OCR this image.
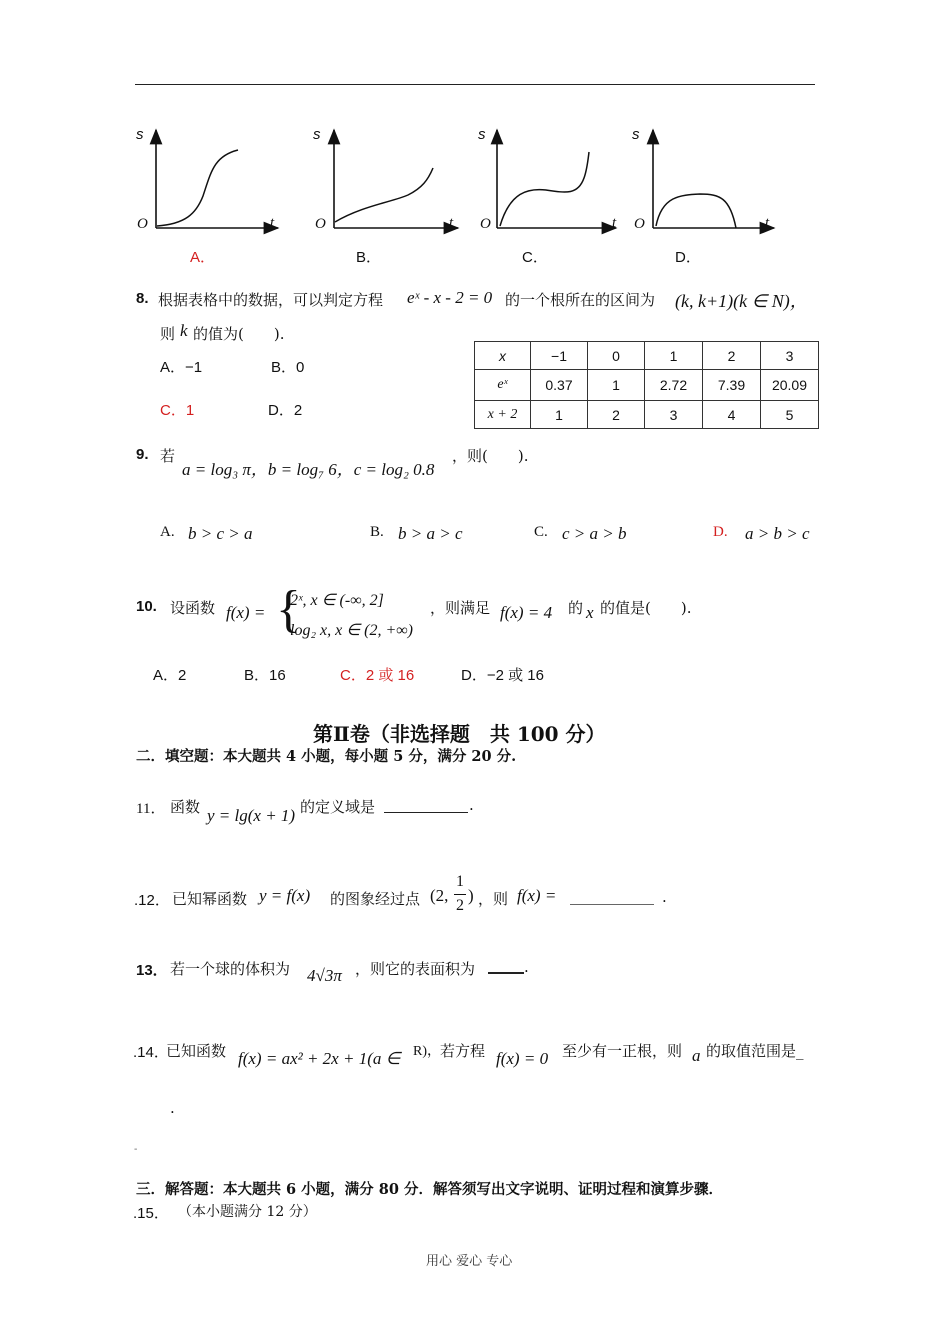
s
O	t
A．
s
O	t
B．
s
O	t
C．
s
O	t
D．
8. 根据表格中的数据，可以判定方程 eˣ - x - 2 = 0 的一个根所在的区间为 (k, k+1)(k ∈ N)，
则 k 的值为(　　).
A．−1	B．0
C．1	D．2
x	−1	0	1	2	3
eˣ	0.37	1	2.72	7.39	20.09
x + 2	1	2	3	4	5
9. 若
a = log₃ π，b = log₇ 6，c = log₂ 0.8
，则(　　).
A. b > c > a	B. b > a > c	C. c > a > b	D. a > b > c
10. 设函数 f(x) = {
2ˣ, x ∈ (-∞, 2]
log₂ x, x ∈ (2, +∞)
，则满足 f(x) = 4 的 x 的值是(　　).
A．2	B．16	C．2 或 16	D．−2 或 16
第Ⅱ卷（非选择题　共 100 分）
二．填空题：本大题共 4 小题，每小题 5 分，满分 20 分.
11． 函数 y = lg(x + 1) 的定义域是	.
.12． 已知幂函数 y = f(x) 的图象经过点 (2,
1
2
) ，则 f(x) =	.
13． 若一个球的体积为 4√3π ，则它的表面积为	.
.14．
已知函数 f(x) = ax² + 2x + 1(a ∈ R)， 若方程 f(x) = 0 至少有一正根，则 a 的取值范围是_
.
-
三．解答题：本大题共 6 小题，满分 80 分．解答须写出文字说明、证明过程和演算步骤．
.15． （本小题满分 12 分）
用心 爱心 专心
